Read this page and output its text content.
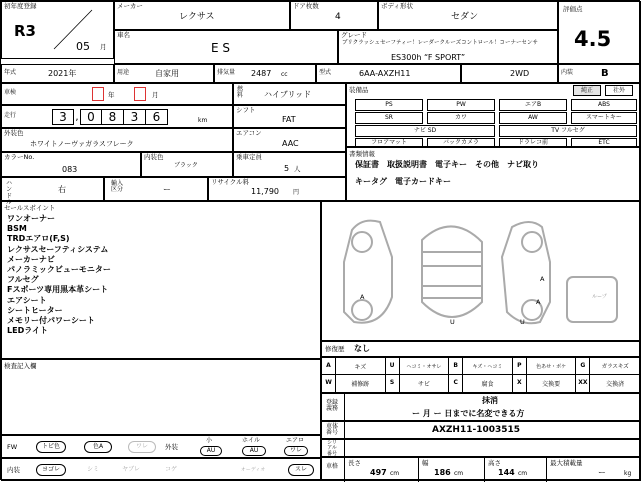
初年度登録
R3
05 月
メーカー
レクサス
ドア枚数
4
ボディ形状
セダン
評価点
4.5
車名
E S
グレード
プリクラッシュセーフティー！レーダークルーズコントロール！コーナーセンサ
ES300h “F SPORT”
年式	2021年	用途	自家用	排気量 2487 cc	型式	6AA-AXZH11	2WD	内装	B
車検	年	月
走行	3 , 0	8	3	6	km
外装色
ホワイトノーヴァガラスフレーク
カラーNo.
083
内装色
ブラック
ハンドル
右
輸入区分	ー
燃料	ハイブリッド
シフト
FAT
エアコン
AAC
乗車定員
5 人
リサイクル料
11,790 円
装備品	純正	社外
PS	PW	エアB	ABS
SR	カワ	AW	スマートキー
ナビ SD	TV フルセグ
フロアマット	バックカメラ	ドラレコ前	ETC
書類情報
保証書　取扱説明書　電子キー　その他　ナビ取り
キータグ　電子カードキー
セールスポイント
ワンオーナー
BSM
TRDエアロ(F,S)
レクサスセーフティシステム
メーカーナビ
パノラミックビューモニター
フルセグ
Fスポーツ専用黒本革シート
エアシート
シートヒーター
メモリー付パワーシート
LEDライト
A
U
A
A
U
ループ
修復歴 なし
A	キズ	U	ヘコミ・オサレ	B	キズ・ヘコミ	P	色あせ・ボケ	G	ガラスキズ
W	補修跡	S	サビ	C	腐食	X	交換要	XX	交換済
検査記入欄
登録義務
抹消
ー 月 ー 日までに名変できる方
車体番号	AXZH11-1003515
シリアル番号
FW	トピ色	色A	ワレ	外装
小
AU
ホイル
AU
エアロ
ワレ
内装	ヨゴレ	シミ	ヤブレ	コゲ	オーディオ	スレ	車格 長さ
497 cm
幅
186 cm
高さ
144 cm
最大積載量
ー	kg
